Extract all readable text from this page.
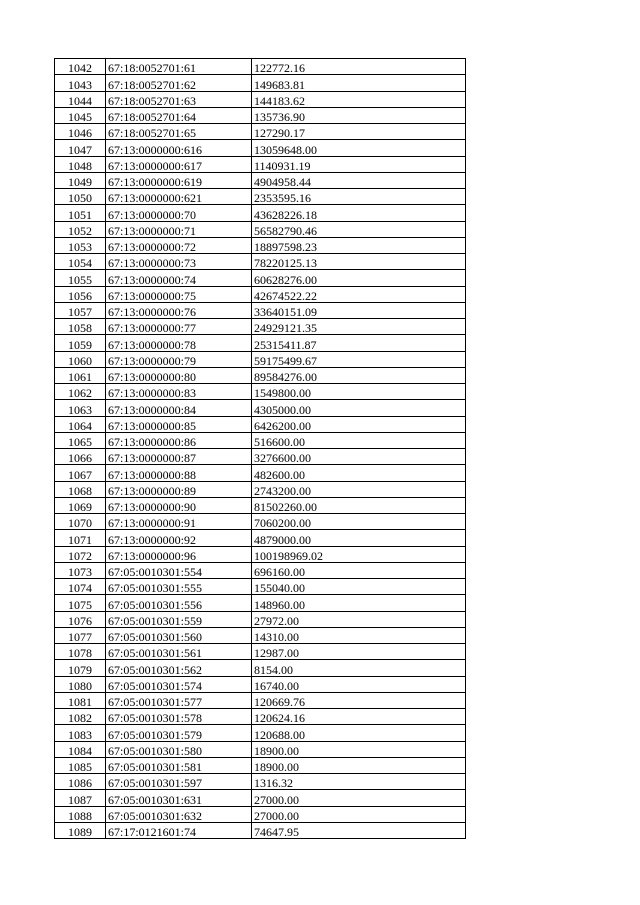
1042	67:18:0052701:61	122772.16
1043	67:18:0052701:62	149683.81
1044	67:18:0052701:63	144183.62
1045	67:18:0052701:64	135736.90
1046	67:18:0052701:65	127290.17
1047	67:13:0000000:616	13059648.00
1048	67:13:0000000:617	1140931.19
1049	67:13:0000000:619	4904958.44
1050	67:13:0000000:621	2353595.16
1051	67:13:0000000:70	43628226.18
1052	67:13:0000000:71	56582790.46
1053	67:13:0000000:72	18897598.23
1054	67:13:0000000:73	78220125.13
1055	67:13:0000000:74	60628276.00
1056	67:13:0000000:75	42674522.22
1057	67:13:0000000:76	33640151.09
1058	67:13:0000000:77	24929121.35
1059	67:13:0000000:78	25315411.87
1060	67:13:0000000:79	59175499.67
1061	67:13:0000000:80	89584276.00
1062	67:13:0000000:83	1549800.00
1063	67:13:0000000:84	4305000.00
1064	67:13:0000000:85	6426200.00
1065	67:13:0000000:86	516600.00
1066	67:13:0000000:87	3276600.00
1067	67:13:0000000:88	482600.00
1068	67:13:0000000:89	2743200.00
1069	67:13:0000000:90	81502260.00
1070	67:13:0000000:91	7060200.00
1071	67:13:0000000:92	4879000.00
1072	67:13:0000000:96	100198969.02
1073	67:05:0010301:554	696160.00
1074	67:05:0010301:555	155040.00
1075	67:05:0010301:556	148960.00
1076	67:05:0010301:559	27972.00
1077	67:05:0010301:560	14310.00
1078	67:05:0010301:561	12987.00
1079	67:05:0010301:562	8154.00
1080	67:05:0010301:574	16740.00
1081	67:05:0010301:577	120669.76
1082	67:05:0010301:578	120624.16
1083	67:05:0010301:579	120688.00
1084	67:05:0010301:580	18900.00
1085	67:05:0010301:581	18900.00
1086	67:05:0010301:597	1316.32
1087	67:05:0010301:631	27000.00
1088	67:05:0010301:632	27000.00
1089	67:17:0121601:74	74647.95
